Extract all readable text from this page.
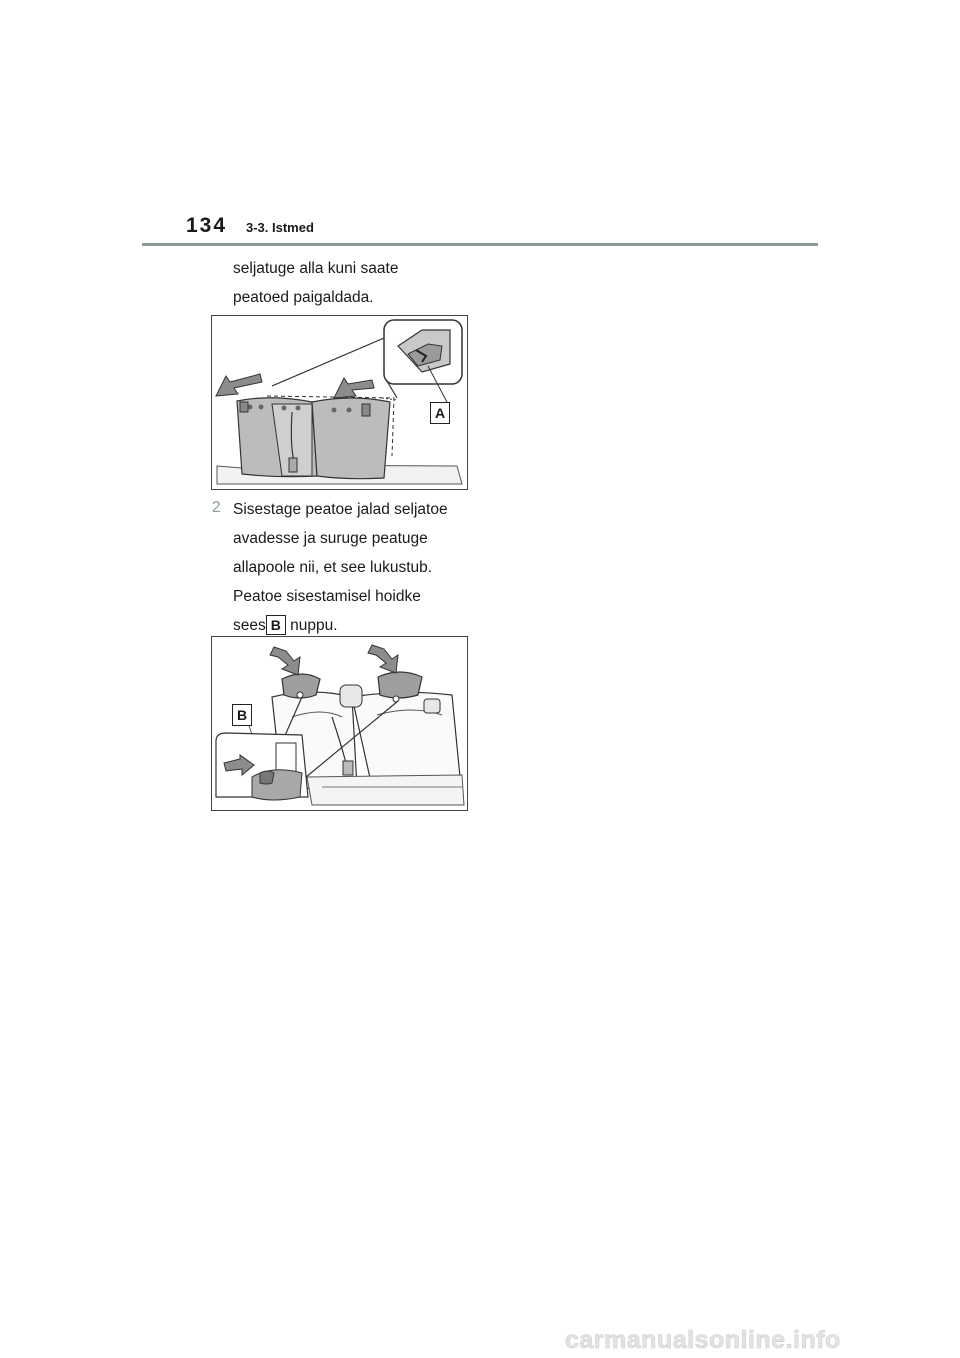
134 3-3. Istmed

seljatuge alla kuni saate

peatoed paigaldada.

A
2 Sisestage peatoe jalad seljatoe

avadesse ja suruge peatuge

allapoole nii, et see lukustub.

Peatoe sisestamisel hoidke

sees B nuppu.

B
carmanualsonline.info
